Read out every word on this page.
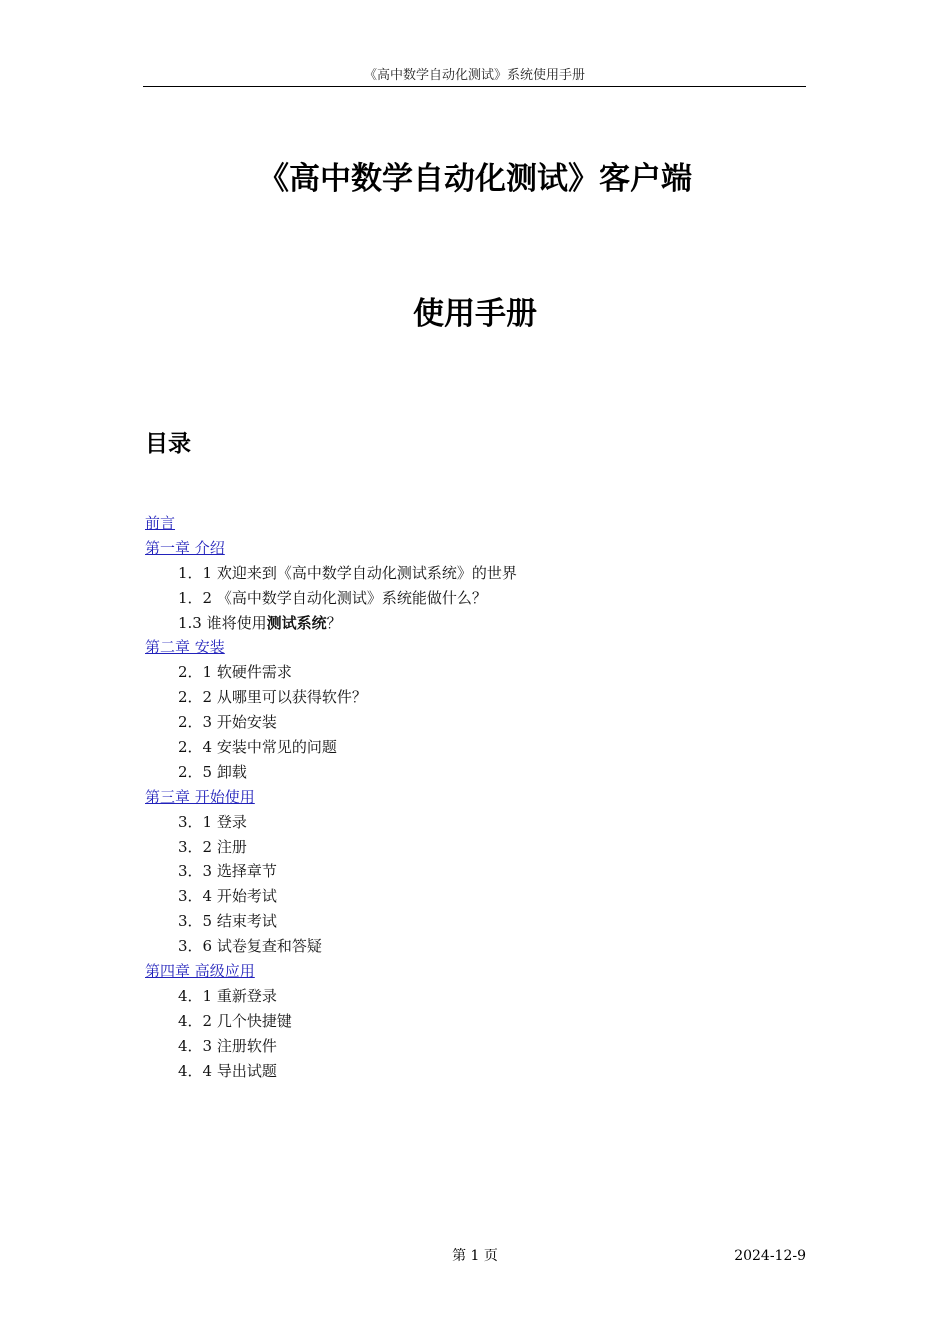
《高中数学自动化测试》系统使用手册
《高中数学自动化测试》客户端
使用手册
目录
前言
第一章 介绍
1．1 欢迎来到《高中数学自动化测试系统》的世界
1．2 《高中数学自动化测试》系统能做什么？
1.3 谁将使用测试系统？
第二章 安装
2．1 软硬件需求
2．2 从哪里可以获得软件？
2．3 开始安装
2．4 安装中常见的问题
2．5 卸载
第三章 开始使用
3．1 登录
3．2 注册
3．3 选择章节
3．4 开始考试
3．5 结束考试
3．6 试卷复查和答疑
第四章 高级应用
4．1 重新登录
4．2 几个快捷键
4．3 注册软件
4．4 导出试题
第 1 页	2024-12-9
